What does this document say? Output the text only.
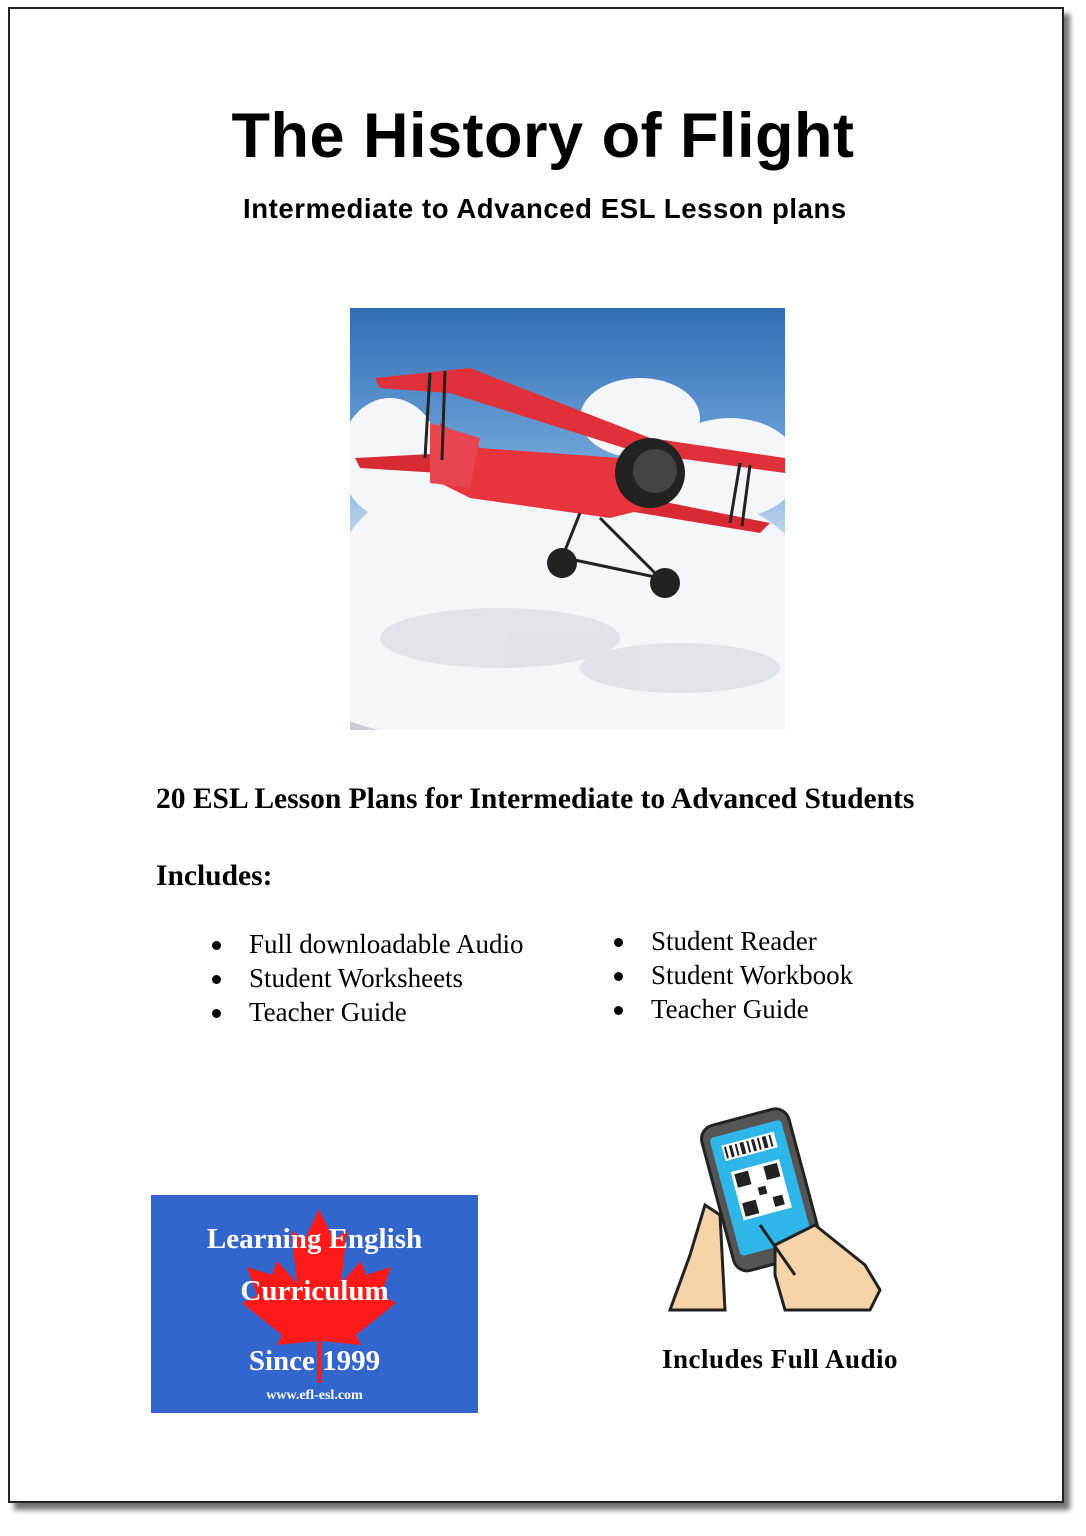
The History of Flight
Intermediate to Advanced ESL Lesson plans
20 ESL Lesson Plans for Intermediate to Advanced Students
Includes:
Full downloadable Audio
Student Worksheets
Teacher Guide
Student Reader
Student Workbook
Teacher Guide
Includes Full Audio
Learning English
Curriculum
Since 1999
www.efl-esl.com
